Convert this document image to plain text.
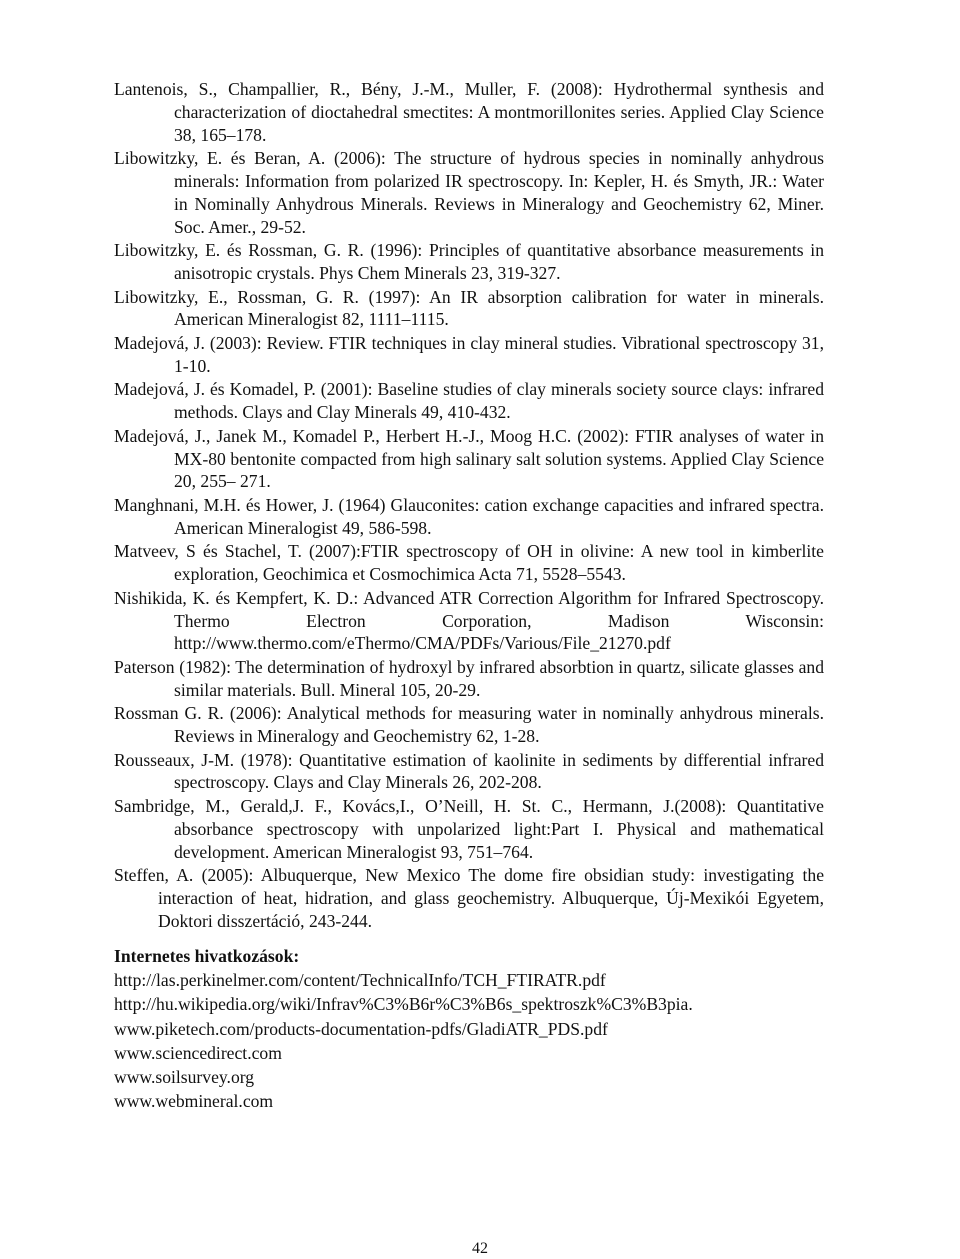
Lantenois, S., Champallier, R., Bény, J.-M., Muller, F. (2008): Hydrothermal synthesis and characterization of dioctahedral smectites: A montmorillonites series. Applied Clay Science 38, 165–178.
Libowitzky, E. és Beran, A. (2006): The structure of hydrous species in nominally anhydrous minerals: Information from polarized IR spectroscopy. In: Kepler, H. és Smyth, JR.: Water in Nominally Anhydrous Minerals. Reviews in Mineralogy and Geochemistry 62, Miner. Soc. Amer., 29-52.
Libowitzky, E. és Rossman, G. R. (1996): Principles of quantitative absorbance measurements in anisotropic crystals. Phys Chem Minerals 23, 319-327.
Libowitzky, E., Rossman, G. R. (1997): An IR absorption calibration for water in minerals. American Mineralogist 82, 1111–1115.
Madejová, J. (2003): Review. FTIR techniques in clay mineral studies. Vibrational spectroscopy 31, 1-10.
Madejová, J. és Komadel, P. (2001): Baseline studies of clay minerals society source clays: infrared methods. Clays and Clay Minerals 49, 410-432.
Madejová, J., Janek M., Komadel P., Herbert H.-J., Moog H.C. (2002): FTIR analyses of water in MX-80 bentonite compacted from high salinary salt solution systems. Applied Clay Science 20, 255– 271.
Manghnani, M.H. és Hower, J. (1964) Glauconites: cation exchange capacities and infrared spectra. American Mineralogist 49, 586-598.
Matveev, S és Stachel, T. (2007):FTIR spectroscopy of OH in olivine: A new tool in kimberlite exploration, Geochimica et Cosmochimica Acta 71, 5528–5543.
Nishikida, K. és Kempfert, K. D.: Advanced ATR Correction Algorithm for Infrared Spectroscopy. Thermo Electron Corporation, Madison Wisconsin: http://www.thermo.com/eThermo/CMA/PDFs/Various/File_21270.pdf
Paterson (1982): The determination of hydroxyl by infrared absorbtion in quartz, silicate glasses and similar materials. Bull. Mineral 105, 20-29.
Rossman G. R. (2006): Analytical methods for measuring water in nominally anhydrous minerals. Reviews in Mineralogy and Geochemistry 62, 1-28.
Rousseaux, J-M. (1978): Quantitative estimation of kaolinite in sediments by differential infrared spectroscopy. Clays and Clay Minerals 26, 202-208.
Sambridge, M., Gerald,J. F., Kovács,I., O’Neill, H. St. C., Hermann, J.(2008): Quantitative absorbance spectroscopy with unpolarized light:Part I. Physical and mathematical development. American Mineralogist 93, 751–764.
Steffen, A. (2005): Albuquerque, New Mexico The dome fire obsidian study: investigating the interaction of heat, hidration, and glass geochemistry. Albuquerque, Új-Mexikói Egyetem, Doktori disszertáció, 243-244.
Internetes hivatkozások:
http://las.perkinelmer.com/content/TechnicalInfo/TCH_FTIRATR.pdf
http://hu.wikipedia.org/wiki/Infrav%C3%B6r%C3%B6s_spektroszk%C3%B3pia.
www.piketech.com/products-documentation-pdfs/GladiATR_PDS.pdf
www.sciencedirect.com
www.soilsurvey.org
www.webmineral.com
42
